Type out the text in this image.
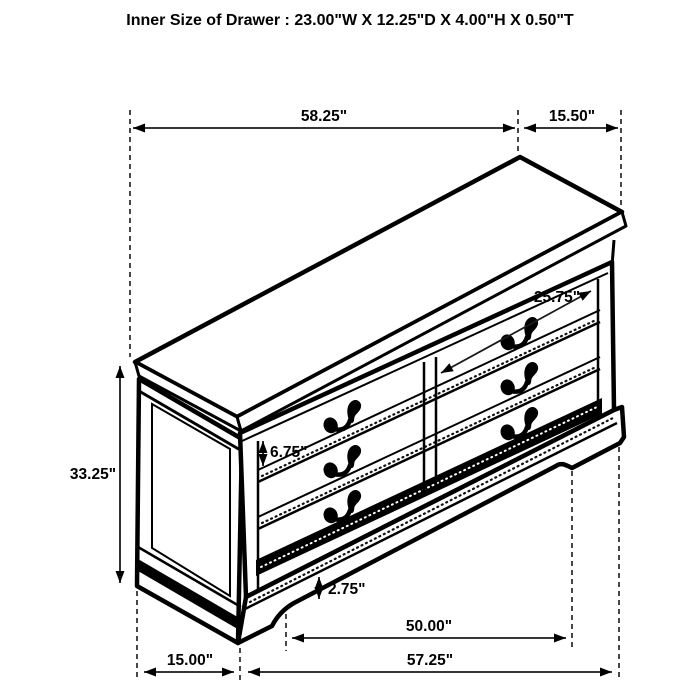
58.25"	15.50"
25.75"
33.25"
6.75"
2.75"
50.00"
15.00"	57.25"
Inner Size of Drawer : 23.00"W X 12.25"D X 4.00"H X 0.50"T
